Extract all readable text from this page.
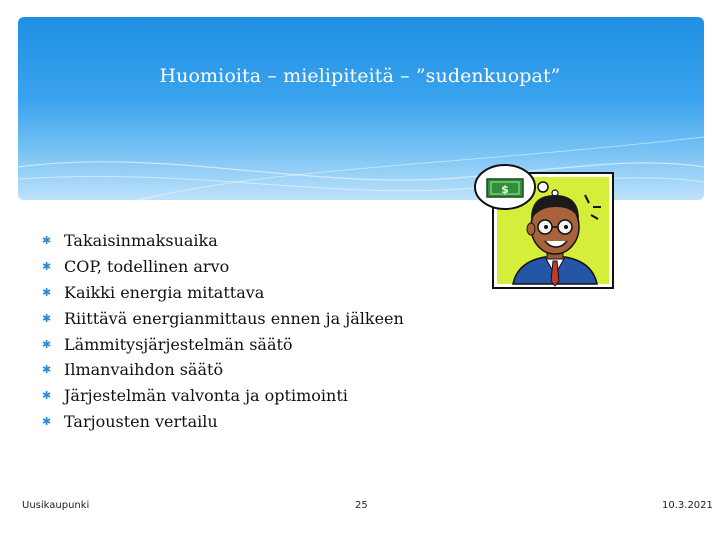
Huomioita – mielipiteitä – ”sudenkuopat”
✱ Takaisinmaksuaika
✱ COP, todellinen arvo
✱ Kaikki energia mitattava
✱ Riittävä energianmittaus ennen ja jälkeen
✱ Lämmitysjärjestelmän säätö
✱ Ilmanvaihdon säätö
✱ Järjestelmän valvonta ja optimointi
✱ Tarjousten vertailu
$
Uusikaupunki	25	10.3.2021
